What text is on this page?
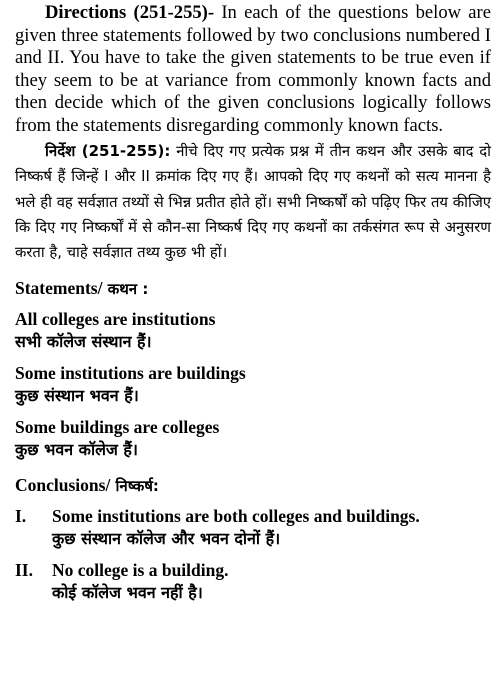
Directions (251-255)- In each of the questions below are given three statements followed by two conclusions numbered I and II. You have to take the given statements to be true even if they seem to be at variance from commonly known facts and then decide which of the given conclusions logically follows from the statements disregarding commonly known facts.

निर्देश (251-255): नीचे दिए गए प्रत्येक प्रश्न में तीन कथन और उसके बाद दो निष्कर्ष हैं जिन्हें I और II क्रमांक दिए गए हैं। आपको दिए गए कथनों को सत्य मानना है भले ही वह सर्वज्ञात तथ्यों से भिन्न प्रतीत होते हों। सभी निष्कर्षों को पढ़िए फिर तय कीजिए कि दिए गए निष्कर्षों में से कौन-सा निष्कर्ष दिए गए कथनों का तर्कसंगत रूप से अनुसरण करता है, चाहे सर्वज्ञात तथ्य कुछ भी हों।

Statements/ कथन :
All colleges are institutions
सभी कॉलेज संस्थान हैं।
Some institutions are buildings
कुछ संस्थान भवन हैं।
Some buildings are colleges
कुछ भवन कॉलेज हैं।
Conclusions/ निष्कर्ष:
I.	Some institutions are both colleges and buildings.
कुछ संस्थान कॉलेज और भवन दोनों हैं।
II.	No college is a building.
कोई कॉलेज भवन नहीं है।
